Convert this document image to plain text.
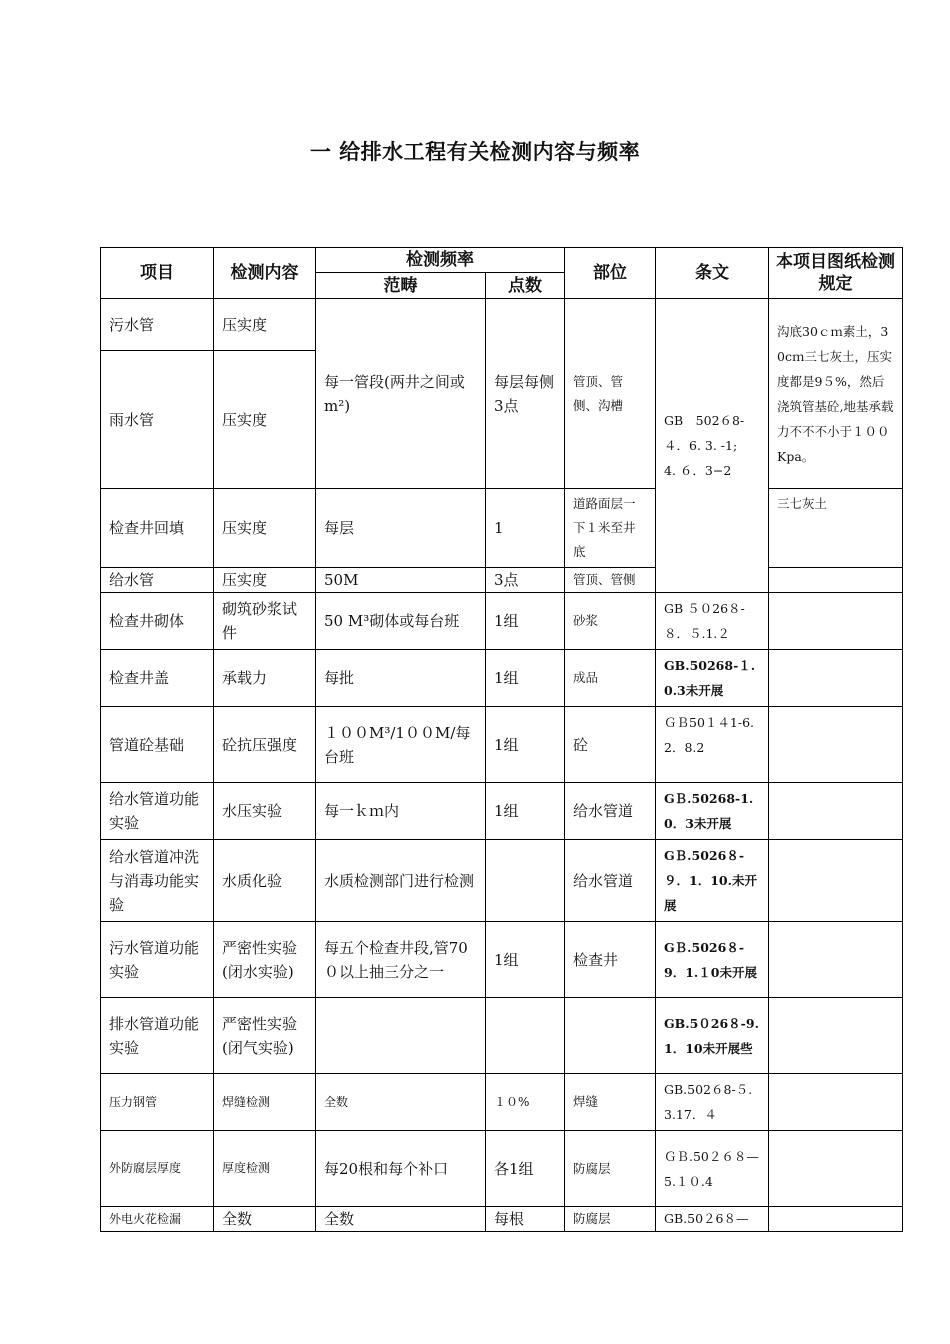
一 给排水工程有关检测内容与频率
项目	检测内容	检测频率		部位	条文	本项目图纸检测规定
		范畴	点数			
污水管	压实度	每一管段(两井之间或m²)	每层每侧3点	管顶、管侧、沟槽	GB　502６8-４．6. 3. -1;　4. ６．3−2	沟底30ｃｍ素土，30cｍ三七灰土，压实度都是9５%，然后浇筑管基砼,地基承载力不不不小于１００Kpa。
雨水管	压实度					
检查井回填	压实度	每层	1	道路面层一下１米至井底		三七灰土
给水管	压实度	50M	3点	管顶、管侧		
检查井砌体	砌筑砂浆试件	50 M³砌体或每台班	1组	砂浆	GB ５０26８-８．５.1.２	
检查井盖	承载力	每批	1组	成品	GB.50268-１.0.3未开展	
管道砼基础	砼抗压强度	１００M³/1００M/每台班	1组	砼	ＧＢ50１４1-6.2．8.2	
给水管道功能实验	水压实验	每一ｋｍ内	1组	给水管道	GＢ.50268-1.0．3未开展	
给水管道冲洗与消毒功能实验	水质化验	水质检测部门进行检测		给水管道	GＢ.5026８-９．1．10.未开展	
污水管道功能实验	严密性实验(闭水实验)	每五个检查井段,管70０以上抽三分之一	1组	检查井	GＢ.5026８-9．1.１0未开展	
排水管道功能实验	严密性实验(闭气实验)				GB.5０26８-9.1．10未开展些	
压力钢管	焊缝检测	全数	１０%	焊缝	GB.502６8-５.3.17．４	
外防腐层厚度	厚度检测	每20根和每个补口	各1组	防腐层	ＧＢ.50２６８—5.１０.4	
外电火花检漏	全数	全数	每根	防腐层	GB.50２6８—	
